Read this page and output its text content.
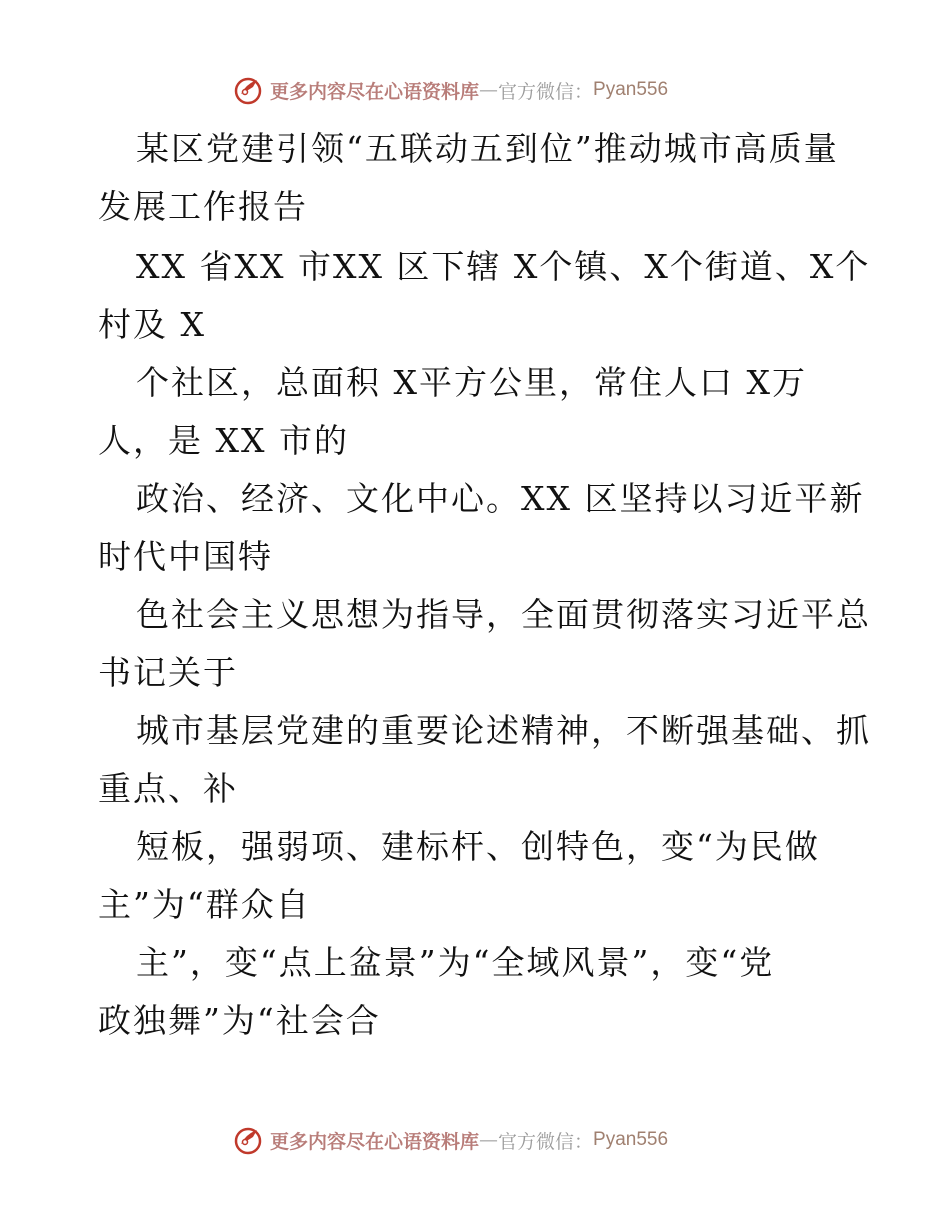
更多内容尽在心语资料库 — 官方微信： Pyan556
某区党建引领“五联动五到位”推动城市高质量
发展工作报告
XX 省XX 市XX 区下辖 X个镇、X个街道、X个
村及 X
个社区，总面积 X平方公里，常住人口 X万
人，是 XX 市的
政治、经济、文化中心。XX 区坚持以习近平新
时代中国特
色社会主义思想为指导，全面贯彻落实习近平总
书记关于
城市基层党建的重要论述精神，不断强基础、抓
重点、补
短板，强弱项、建标杆、创特色，变“为民做
主”为“群众自
主”，变“点上盆景”为“全域风景”，变“党
政独舞”为“社会合
更多内容尽在心语资料库 — 官方微信： Pyan556
